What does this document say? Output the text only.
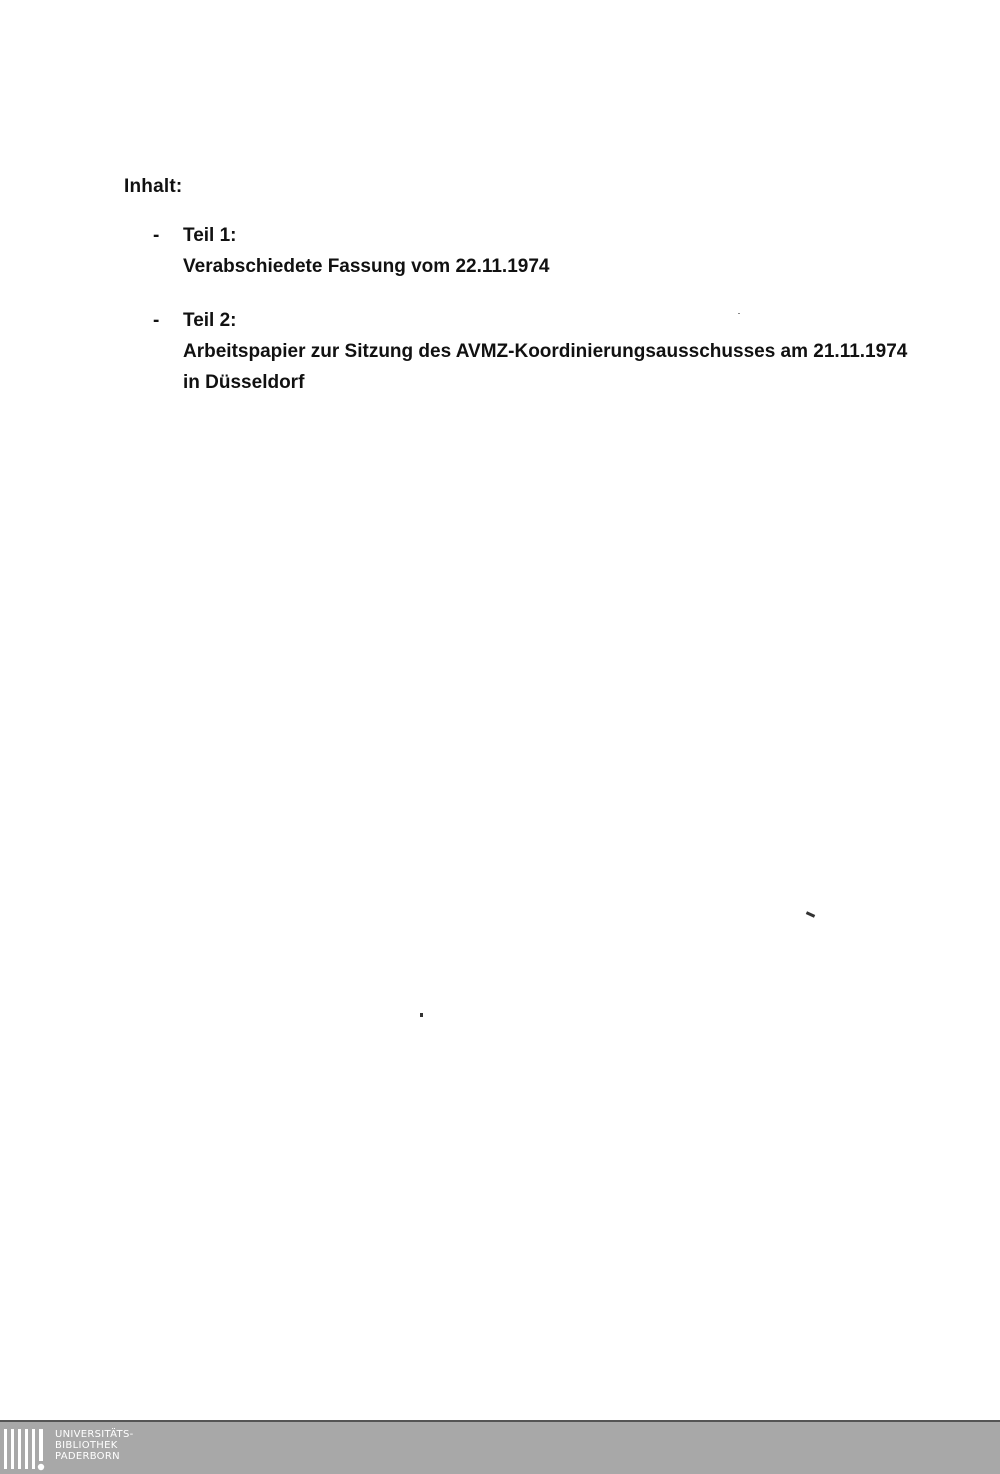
Inhalt:
-	Teil 1:
Verabschiedete Fassung vom 22.11.1974
-	Teil 2:
Arbeitspapier zur Sitzung des AVMZ-Koordinierungsausschusses am 21.11.1974 in Düsseldorf
UNIVERSITÄTS-
BIBLIOTHEK
PADERBORN
